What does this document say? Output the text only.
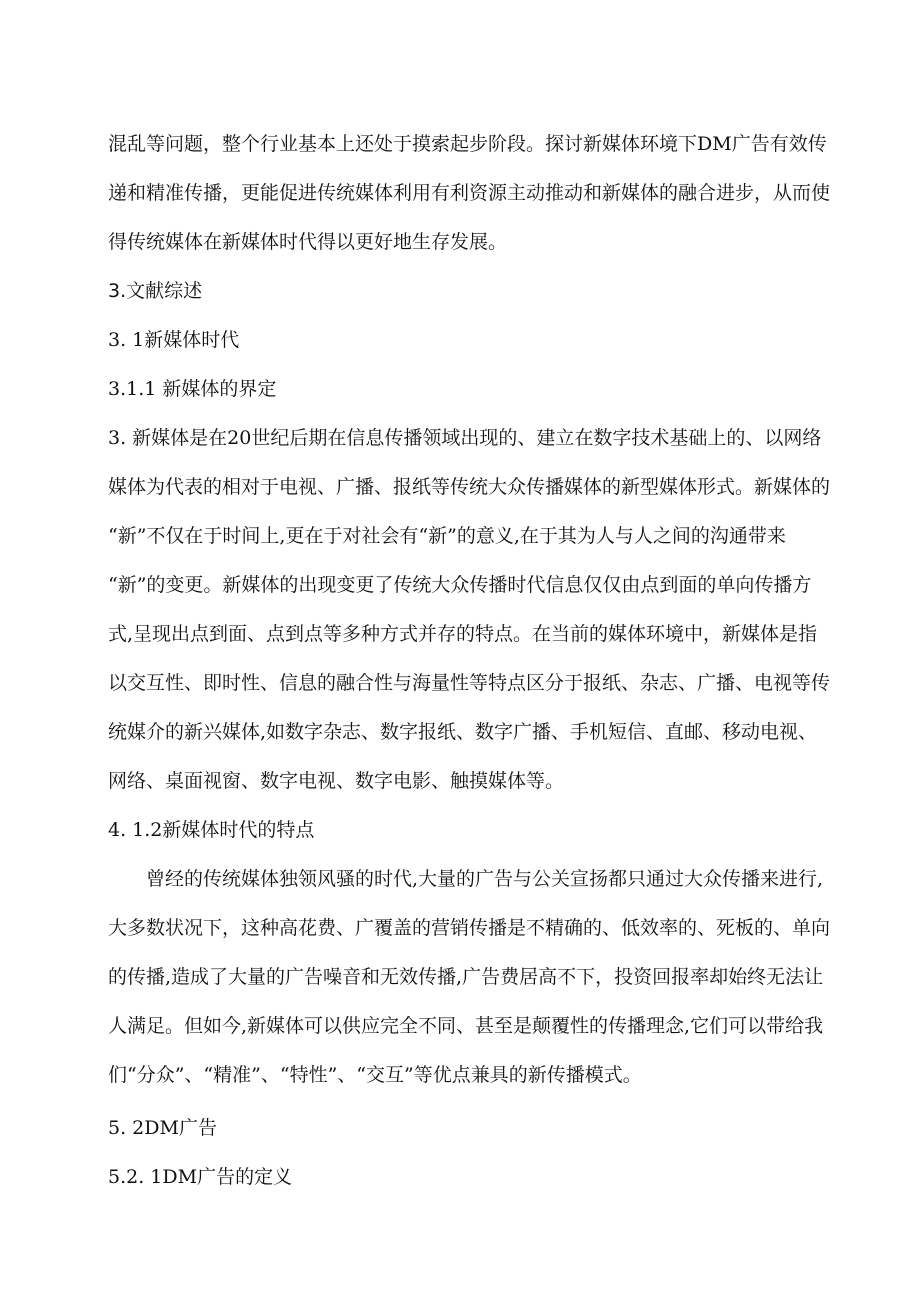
混乱等问题，整个行业基本上还处于摸索起步阶段。探讨新媒体环境下DM广告有效传
递和精准传播，更能促进传统媒体利用有利资源主动推动和新媒体的融合进步，从而使
得传统媒体在新媒体时代得以更好地生存发展。
3.文献综述
3. 1新媒体时代
3.1.1 新媒体的界定
3. 新媒体是在20世纪后期在信息传播领域出现的、建立在数字技术基础上的、以网络
媒体为代表的相对于电视、广播、报纸等传统大众传播媒体的新型媒体形式。新媒体的
“新”不仅在于时间上,更在于对社会有“新”的意义,在于其为人与人之间的沟通带来
“新”的变更。新媒体的出现变更了传统大众传播时代信息仅仅由点到面的单向传播方
式,呈现出点到面、点到点等多种方式并存的特点。在当前的媒体环境中，新媒体是指
以交互性、即时性、信息的融合性与海量性等特点区分于报纸、杂志、广播、电视等传
统媒介的新兴媒体,如数字杂志、数字报纸、数字广播、手机短信、直邮、移动电视、
网络、桌面视窗、数字电视、数字电影、触摸媒体等。
4. 1.2新媒体时代的特点
曾经的传统媒体独领风骚的时代,大量的广告与公关宣扬都只通过大众传播来进行,
大多数状况下，这种高花费、广覆盖的营销传播是不精确的、低效率的、死板的、单向
的传播,造成了大量的广告噪音和无效传播,广告费居高不下，投资回报率却始终无法让
人满足。但如今,新媒体可以供应完全不同、甚至是颠覆性的传播理念,它们可以带给我
们“分众”、“精准”、“特性”、“交互”等优点兼具的新传播模式。
5. 2DM广告
5.2. 1DM广告的定义
